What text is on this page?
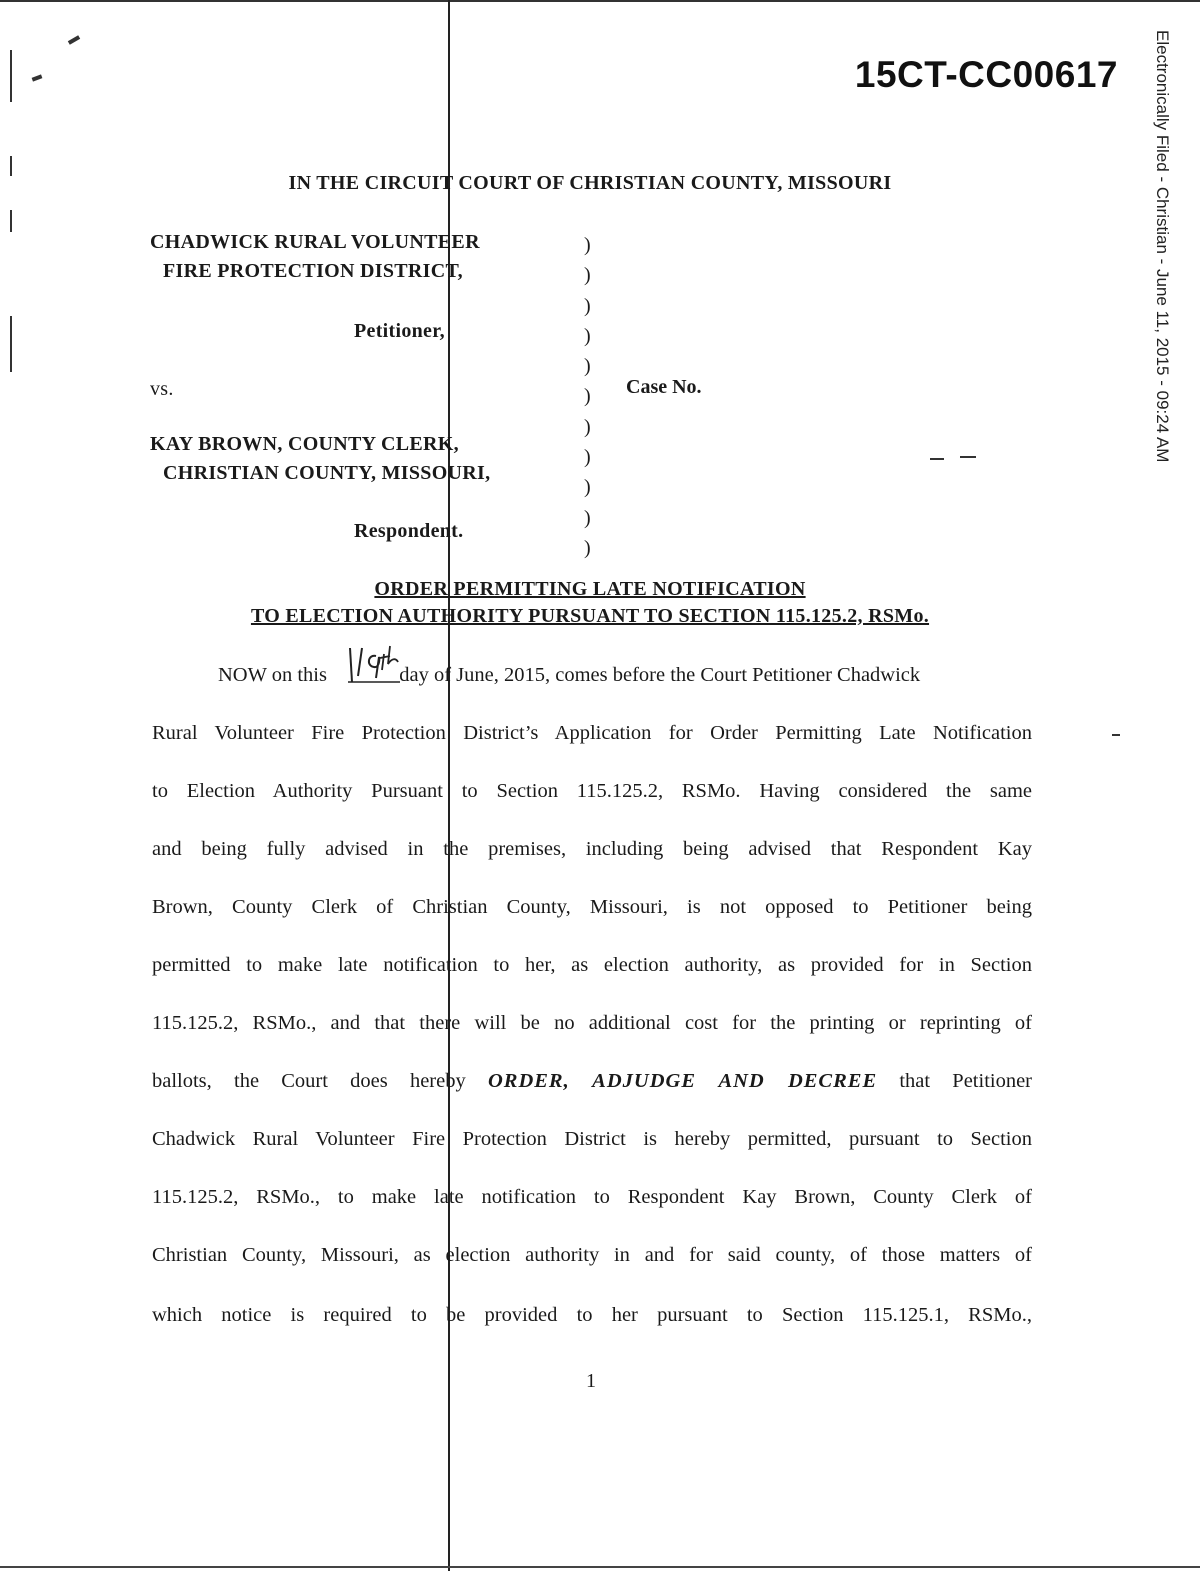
15CT-CC00617 Electronically Filed - Christian - June 11, 2015 - 09:24 AM
IN THE CIRCUIT COURT OF CHRISTIAN COUNTY, MISSOURI
CHADWICK RURAL VOLUNTEER
FIRE PROTECTION DISTRICT,
Petitioner,
vs.
KAY BROWN, COUNTY CLERK,
CHRISTIAN COUNTY, MISSOURI,
Respondent.
)
)
)
)
)
)
)
)
)
)
)
Case No.
ORDER PERMITTING LATE NOTIFICATION
TO ELECTION AUTHORITY PURSUANT TO SECTION 115.125.2, RSMo.
NOW on this	day of June, 2015, comes before the Court Petitioner Chadwick
Rural Volunteer Fire Protection District’s Application for Order Permitting Late Notification
to Election Authority Pursuant to Section 115.125.2, RSMo. Having considered the same
and being fully advised in the premises, including being advised that Respondent Kay
Brown, County Clerk of Christian County, Missouri, is not opposed to Petitioner being
permitted to make late notification to her, as election authority, as provided for in Section
115.125.2, RSMo., and that there will be no additional cost for the printing or reprinting of
ballots, the Court does hereby ORDER, ADJUDGE AND DECREE that Petitioner
Chadwick Rural Volunteer Fire Protection District is hereby permitted, pursuant to Section
115.125.2, RSMo., to make late notification to Respondent Kay Brown, County Clerk of
Christian County, Missouri, as election authority in and for said county, of those matters of
which notice is required to be provided to her pursuant to Section 115.125.1, RSMo.,
1
